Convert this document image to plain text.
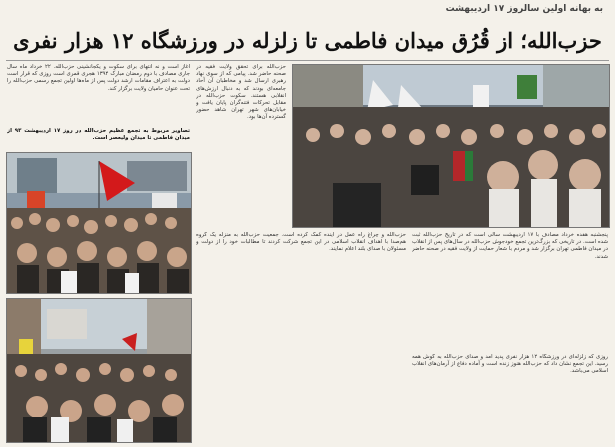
به بهانه اولین سالروز ۱۷ اردیبهشت
حزب‌الله؛ از قُرُق میدان فاطمی تا زلزله در ورزشگاه ۱۲ هزار نفری
آغاز است و نه انتهای برای سکوت و یکجانشینی حزب‌الله. ۲۲ خرداد ماه سال جاری مصادف با دوم رمضان مبارک ۱۳۹۴ هجری قمری است روزی که قرار است دولت به اعتراف مقامات ارشد دولت پس از ماه‌ها اولین تجمع رسمی حزب‌الله را تحت عنوان حامیان ولایت برگزار کند.
تصاویر مربوط به تجمع عظیم حزب‌الله در روز ۱۷ اردیبهشت ۹۳ از میدان فاطمی تا میدان ولیعصر است.
حزب‌الله برای تحقق ولایت فقیه در صحنه حاضر شد. پیامی که از سوی نهاد رهبری ارسال شد و مخاطبان آن آحاد جامعه‌ای بودند که به دنبال ارزش‌های انقلابی هستند. سکوت حزب‌الله در مقابل تحرکات فتنه‌گران پایان یافت و خیابان‌های شهر تهران شاهد حضور گسترده آن‌ها بود.
حزب‌الله و چراغ راه عمل در آینده کمک کرده است. جمعیت حزب‌الله به منزله یک گروه هم‌صدا با اهداف انقلاب اسلامی در این تجمع شرکت کردند تا مطالبات خود را از دولت و مسئولان با صدای بلند اعلام نمایند.
پنجشنبه هفده خرداد مصادف با ۱۷ اردیبهشت سالی است که در تاریخ حزب‌الله ثبت شده است. در تاریخی که بزرگ‌ترین تجمع خودجوش حزب‌الله در سال‌های پس از انقلاب در میدان فاطمی تهران برگزار شد و مردم با شعار حمایت از ولایت فقیه در صحنه حاضر شدند.
روزی که زلزله‌ای در ورزشگاه ۱۲ هزار نفری پدید آمد و صدای حزب‌الله به گوش همه رسید. این تجمع نشان داد که حزب‌الله هنوز زنده است و آماده دفاع از آرمان‌های انقلاب اسلامی می‌باشد.
